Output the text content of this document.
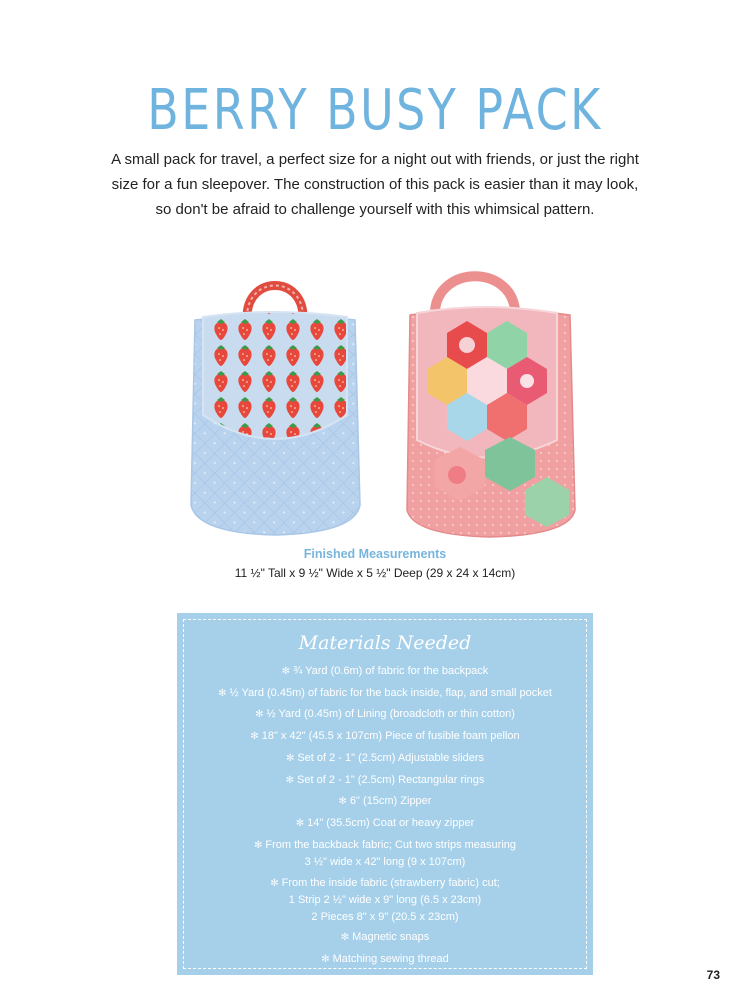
BERRY BUSY PACK

A small pack for travel, a perfect size for a night out with friends, or just the right size for a fun sleepover. The construction of this pack is easier than it may look, so don't be afraid to challenge yourself with this whimsical pattern.

Finished Measurements
11 ½" Tall x 9 ½" Wide x 5 ½" Deep (29 x 24 x 14cm)
Materials Needed
✻ ¾ Yard (0.6m) of fabric for the backpack
✻ ½ Yard (0.45m) of fabric for the back inside, flap, and small pocket
✻ ½ Yard (0.45m) of Lining (broadcloth or thin cotton)
✻ 18" x 42" (45.5 x 107cm) Piece of fusible foam pellon
✻ Set of 2 - 1" (2.5cm) Adjustable sliders
✻ Set of 2 - 1" (2.5cm) Rectangular rings
✻ 6" (15cm) Zipper
✻ 14" (35.5cm) Coat or heavy zipper
✻ From the backback fabric; Cut two strips measuring
3 ½" wide x 42" long (9 x 107cm)
✻ From the inside fabric (strawberry fabric) cut;
1 Strip 2 ½" wide x 9" long (6.5 x 23cm)
2 Pieces 8" x 9" (20.5 x 23cm)
✻ Magnetic snaps
✻ Matching sewing thread
73
